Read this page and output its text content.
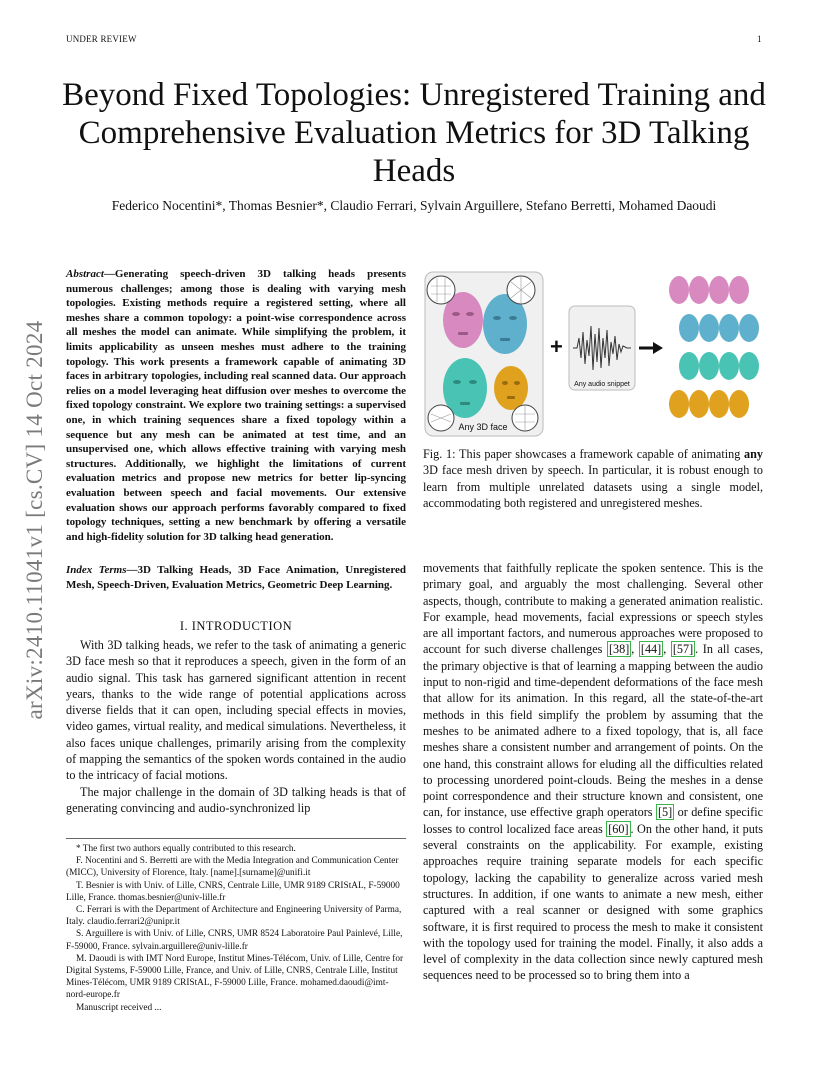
UNDER REVIEW	1
arXiv:2410.11041v1 [cs.CV] 14 Oct 2024
Beyond Fixed Topologies: Unregistered Training and Comprehensive Evaluation Metrics for 3D Talking Heads
Federico Nocentini*, Thomas Besnier*, Claudio Ferrari, Sylvain Arguillere, Stefano Berretti, Mohamed Daoudi
Abstract—Generating speech-driven 3D talking heads presents numerous challenges; among those is dealing with varying mesh topologies. Existing methods require a registered setting, where all meshes share a common topology: a point-wise correspondence across all meshes the model can animate. While simplifying the problem, it limits applicability as unseen meshes must adhere to the training topology. This work presents a framework capable of animating 3D faces in arbitrary topologies, including real scanned data. Our approach relies on a model leveraging heat diffusion over meshes to overcome the fixed topology constraint. We explore two training settings: a supervised one, in which training sequences share a fixed topology within a sequence but any mesh can be animated at test time, and an unsupervised one, which allows effective training with varying mesh structures. Additionally, we highlight the limitations of current evaluation metrics and propose new metrics for better lip-syncing evaluation between speech and facial movements. Our extensive evaluation shows our approach performs favorably compared to fixed topology techniques, setting a new benchmark by offering a versatile and high-fidelity solution for 3D talking head generation.
Index Terms—3D Talking Heads, 3D Face Animation, Unregistered Mesh, Speech-Driven, Evaluation Metrics, Geometric Deep Learning.
I. INTRODUCTION

With 3D talking heads, we refer to the task of animating a generic 3D face mesh so that it reproduces a speech, given in the form of an audio signal. This task has garnered significant attention in recent years, thanks to the wide range of potential applications across diverse fields that it can open, including special effects in movies, video games, virtual reality, and medical simulations. Nevertheless, it also faces unique challenges, primarily arising from the complexity of mapping the semantics of the spoken words contained in the audio to the intricacy of facial motions.

The major challenge in the domain of 3D talking heads is that of generating convincing and audio-synchronized lip

* The first two authors equally contributed to this research.

F. Nocentini and S. Berretti are with the Media Integration and Communication Center (MICC), University of Florence, Italy. [name].[surname]@unifi.it

T. Besnier is with Univ. of Lille, CNRS, Centrale Lille, UMR 9189 CRIStAL, F-59000 Lille, France. thomas.besnier@univ-lille.fr

C. Ferrari is with the Department of Architecture and Engineering University of Parma, Italy. claudio.ferrari2@unipr.it

S. Arguillere is with Univ. of Lille, CNRS, UMR 8524 Laboratoire Paul Painlevé, Lille, F-59000, France. sylvain.arguillere@univ-lille.fr

M. Daoudi is with IMT Nord Europe, Institut Mines-Télécom, Univ. of Lille, Centre for Digital Systems, F-59000 Lille, France, and Univ. of Lille, CNRS, Centrale Lille, Institut Mines-Télécom, UMR 9189 CRIStAL, F-59000 Lille, France. mohamed.daoudi@imt-nord-europe.fr

Manuscript received ...

Any 3D face
+
Any audio snippet
Fig. 1: This paper showcases a framework capable of animating any 3D face mesh driven by speech. In particular, it is robust enough to learn from multiple unrelated datasets using a single model, accommodating both registered and unregistered meshes.
movements that faithfully replicate the spoken sentence. This is the primary goal, and arguably the most challenging. Several other aspects, though, contribute to making a generated animation realistic. For example, head movements, facial expressions or speech styles are all important factors, and numerous approaches were proposed to account for such diverse challenges [38] , [44] , [57] . In all cases, the primary objective is that of learning a mapping between the audio input to non-rigid and time-dependent deformations of the face mesh that allow for its animation. In this regard, all the state-of-the-art methods in this field simplify the problem by assuming that the meshes to be animated adhere to a fixed topology, that is, all face meshes share a consistent number and arrangement of points. On the one hand, this constraint allows for eluding all the difficulties related to processing unordered point-clouds. Being the meshes in a dense point correspondence and their structure known and consistent, one can, for instance, use effective graph operators [5] or define specific losses to control localized face areas [60] . On the other hand, it puts several constraints on the applicability. For example, existing approaches require training separate models for each specific topology, lacking the capability to generalize across varied mesh structures. In addition, if one wants to animate a new mesh, either captured with a real scanner or designed with some graphics software, it is first required to process the mesh to make it consistent with the topology used for training the model. Finally, it also adds a level of complexity in the data collection since newly captured mesh sequences need to be processed so to bring them into a
